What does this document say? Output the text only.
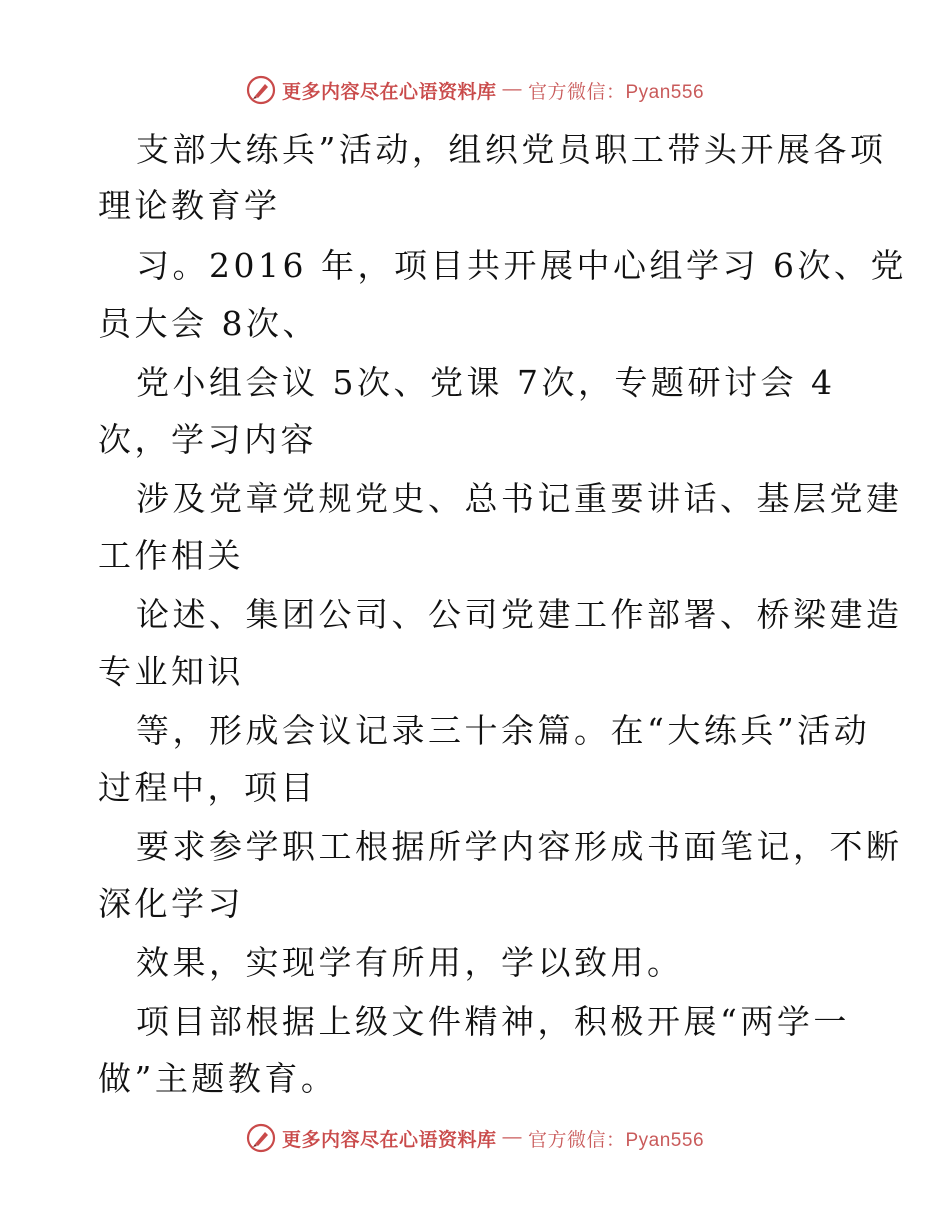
更多内容尽在心语资料库 — 官方微信：Pyan556
支部大练兵”活动，组织党员职工带头开展各项
理论教育学
习。2016 年，项目共开展中心组学习 6次、党
员大会 8次、
党小组会议 5次、党课 7次，专题研讨会 4
次，学习内容
涉及党章党规党史、总书记重要讲话、基层党建
工作相关
论述、集团公司、公司党建工作部署、桥梁建造
专业知识
等，形成会议记录三十余篇。在“大练兵”活动
过程中，项目
要求参学职工根据所学内容形成书面笔记，不断
深化学习
效果，实现学有所用，学以致用。
项目部根据上级文件精神，积极开展“两学一
做”主题教育。
更多内容尽在心语资料库 — 官方微信：Pyan556
